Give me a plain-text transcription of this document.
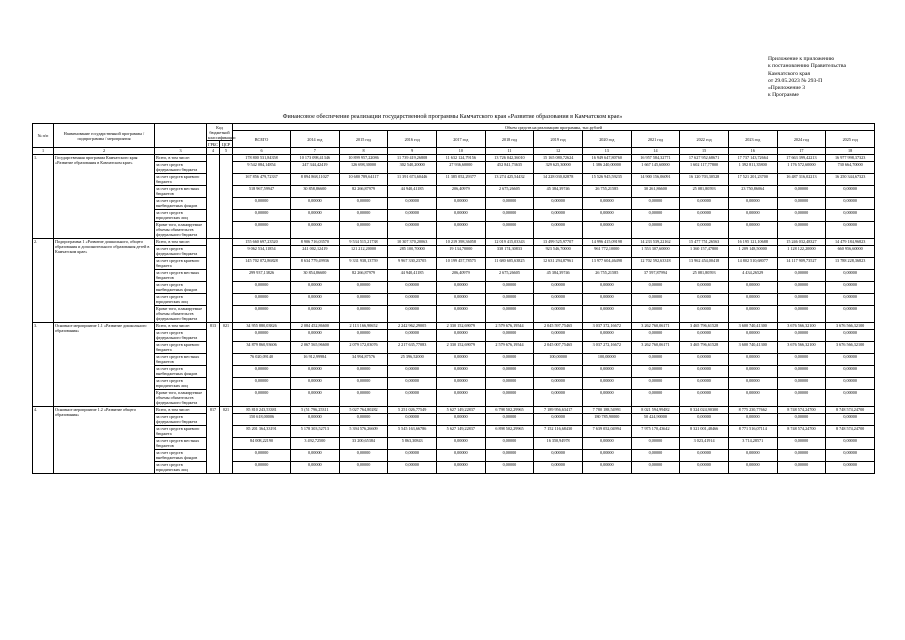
Приложение к приложению
к постановлению Правительства
Камчатского края
от 29.05.2023 № 293-П
«Приложение 3
к Программе
Финансовое обеспечение реализации государственной программы Камчатского края «Развитие образования в Камчатском крае»
№ п/п	Наименование государственной программы / подпрограммы / мероприятия		Код бюджетной классификации		Объем средств на реализацию программы, тыс.рублей												
					ВСЕГО	2014 год	2015 год	2016 год	2017 год	2018 год	2019 год	2020 год	2021 год	2022 год	2023 год	2024 год	2025 год
			ГРБС	ЦСР													
1	2	3	4	5	6	7	8	9	10	11	12	13	14	15	16	17	18
1.	Государственная программа Камчатского края «Развитие образования в Камчатском крае»	Всего, в том числе:			178 800 531,84358	10 173 098,41346	10 899 957,22086	11 739 419,26808	11 632 124,79156	13 726 042,36010	15 165 080,72624	16 949 647,80760	16 957 584,32771	17 627 952,68671	17 737 143,72664	17 663 399,42213	16 977 998,37323
		за счет средств федерального бюджета			9 542 084,14854	247 344,42419	126 698,30000	302 540,20000	27 936,60000	452 841,73635	329 625,30000	1 386 240,00000	1 667 145,60000	1 602 117,77800	1 392 811,35800	1 176 572,60000	730 664,70000
		за счет средств краевого бюджета			167 856 479,72337	8 894 868,11027	10 680 789,64117	11 391 673,60446	11 385 052,29377	13 274 425,54432	14 228 030,02878	15 526 945,59235	14 900 156,06091	16 120 703,30528	17 521 201,23700	16 487 316,02213	16 250 344,67323
		за счет средств местных бюджетов			518 967,59947	30 858,86600	82 266,87979	44 940,41185	206,40979	2 675,26605	45 384,39746	26 755,21585	30 261,86600	25 081,80593	23 750,86064	0,00000	0,00000
		за счет средств внебюджетных фондов			0,00000	0,00000	0,00000	0,00000	0,00000	0,00000	0,00000	0,00000	0,00000	0,00000	0,00000	0,00000	0,00000
		за счет средств юридических лиц			0,00000	0,00000	0,00000	0,00000	0,00000	0,00000	0,00000	0,00000	0,00000	0,00000	0,00000	0,00000	0,00000
		Кроме того, планируемые объемы обязательств федерального бюджета			0,00000	0,00000	0,00000	0,00000	0,00000	0,00000	0,00000	0,00000	0,00000	0,00000	0,00000	0,00000	0,00000
2.	Подпрограмма 1 «Развитие дошкольного, общего образования и дополнительного образования детей в Камчатском крае»	Всего, в том числе:			155 660 697,23520	8 906 716,03570	9 534 515,21738	10 307 370,20063	10 219 398,36058	12 019 415,03343	13 499 525,97707	14 996 415,09198	14 233 539,22162	15 477 751,26563	16 195 121,10688	15 246 032,48327	14 479 184,96823
		за счет средств федерального бюджета			9 062 534,11854	241 002,12419	121 212,20000	285 100,70000	19 134,70000	338 174,30833	923 546,70000	961 772,10000	1 553 307,60000	1 360 157,47800	1 209 148,50000	1 128 122,20000	660 956,60000
		за счет средств краевого бюджета			145 702 072,86828	8 634 779,49936	9 331 938,13759	9 967 330,23705	10 199 457,78575	11 680 605,63825	12 631 294,87961	13 977 604,46498	12 702 592,63318	13 962 454,00418	14 802 510,68077	14 117 909,73527	13 788 228,36823
		за счет средств местных бюджетов			299 937,13826	30 854,86600	82 266,87979	44 940,41185	206,40979	2 675,26605	45 384,39746	26 755,21585	37 597,87994	25 081,80593	4 434,26529	0,00000	0,00000
		за счет средств внебюджетных фондов			0,00000	0,00000	0,00000	0,00000	0,00000	0,00000	0,00000	0,00000	0,00000	0,00000	0,00000	0,00000	0,00000
		за счет средств юридических лиц			0,00000	0,00000	0,00000	0,00000	0,00000	0,00000	0,00000	0,00000	0,00000	0,00000	0,00000	0,00000	0,00000
		Кроме того, планируемые объемы обязательств федерального бюджета			0,00000	0,00000	0,00000	0,00000	0,00000	0,00000	0,00000	0,00000	0,00000	0,00000	0,00000	0,00000	0,00000
3.	Основное мероприятие 1.1 «Развитие дошкольного образования»	Всего, в том числе:	813	021	34 955 880,03826	2 084 452,86600	2 113 166,90652	2 242 962,29005	2 330 152,69079	2 579 676,19544	2 045 597,75465	3 037 372,16672	3 262 760,06171	3 465 796,61528	3 600 740,41300	3 676 566,32100	3 676 566,32100
		за счет средств федерального бюджета			0,00000	0,00000	0,00000	0,00000	0,00000	0,00000	0,00000	0,00000	0,00000	0,00000	0,00000	0,00000	0,00000
		за счет средств краевого бюджета			34 879 860,93606	2 067 565,96600	2 079 172,03076	2 217 635,77083	2 330 152,69079	2 579 676,19544	2 045 007,75465	3 037 272,16672	3 262 760,06171	3 465 796,61528	3 600 740,41300	3 676 566,32100	3 676 566,32100
		за счет средств местных бюджетов			76 020,09140	16 912,99984	34 994,87576	25 396,52000	0,00000	0,00000	100,00000	100,00000	0,00000	0,00000	0,00000	0,00000	0,00000
		за счет средств внебюджетных фондов			0,00000	0,00000	0,00000	0,00000	0,00000	0,00000	0,00000	0,00000	0,00000	0,00000	0,00000	0,00000	0,00000
		за счет средств юридических лиц			0,00000	0,00000	0,00000	0,00000	0,00000	0,00000	0,00000	0,00000	0,00000	0,00000	0,00000	0,00000	0,00000
		Кроме того, планируемые объемы обязательств федерального бюджета			0,00000	0,00000	0,00000	0,00000	0,00000	0,00000	0,00000	0,00000	0,00000	0,00000	0,00000	0,00000	0,00000
4.	Основное мероприятие 1.2 «Развитие общего образования»	Всего, в том числе:	817	021	85 810 243,53381	5 (51 796,25311	5 027 764,80282	5 251 026,77549	5 627 149,22837	6 798 502,29965	7 189 956,63417	7 780 188,54991	8 021 594,99482	8 324 024,90300	8 775 230,77662	8 748 574,24700	8 748 574,24700
		за счет средств федерального бюджета			150 618,00006	0,00000	0,00000	0,00000	0,00000	0,00000	0,00000	180 785,90000	50 424,90000	0,00000	0,00000	0,00000	0,00000
		за счет средств краевого бюджета			85 201 364,33191	5 178 303,52713	5 394 576,26609	5 545 163,66786	5 627 149,22837	6 898 502,29965	7 152 116,68430	7 639 052,04994	7 975 170,43642	8 321 001,48466	8 771 516,07114	8 748 574,24700	8 748 574,24700
		за счет средств местных бюджетов			84 008,22190	3 492,72500	33 200,65384	5 863,30843	0,00000	0,00000	16 350,94978	0,00000	0,00000	3 023,41914	3 714,28571	0,00000	0,00000
		за счет средств внебюджетных фондов			0,00000	0,00000	0,00000	0,00000	0,00000	0,00000	0,00000	0,00000	0,00000	0,00000	0,00000	0,00000	0,00000
		за счет средств юридических лиц			0,00000	0,00000	0,00000	0,00000	0,00000	0,00000	0,00000	0,00000	0,00000	0,00000	0,00000	0,00000	0,00000
